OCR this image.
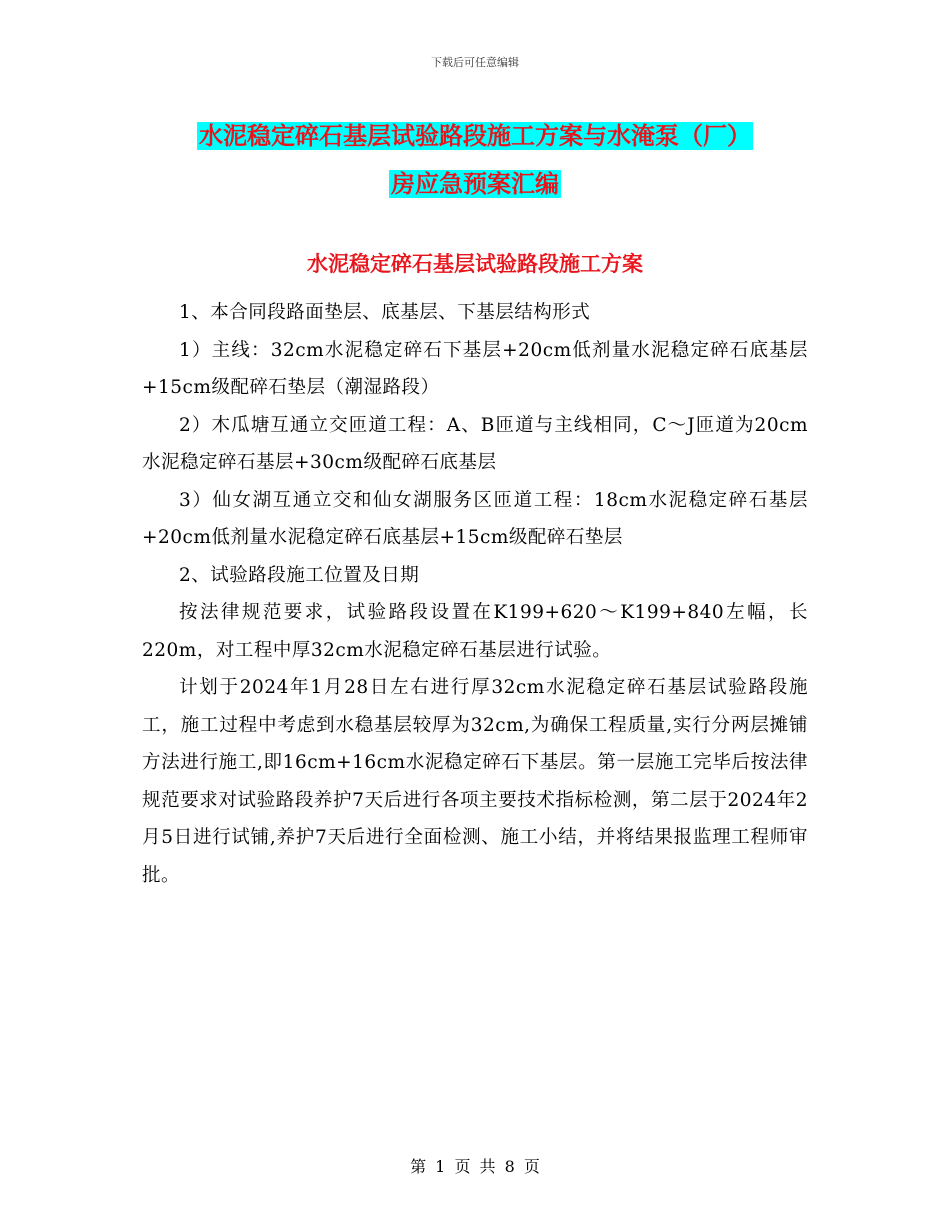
下载后可任意编辑
水泥稳定碎石基层试验路段施工方案与水淹泵（厂）
房应急预案汇编
水泥稳定碎石基层试验路段施工方案

1、本合同段路面垫层、底基层、下基层结构形式

1）主线：32cm水泥稳定碎石下基层+20cm低剂量水泥稳定碎石底基层+15cm级配碎石垫层（潮湿路段）

2）木瓜塘互通立交匝道工程：A、B匝道与主线相同，C～J匝道为20cm水泥稳定碎石基层+30cm级配碎石底基层

3）仙女湖互通立交和仙女湖服务区匝道工程：18cm水泥稳定碎石基层+20cm低剂量水泥稳定碎石底基层+15cm级配碎石垫层

2、试验路段施工位置及日期

按法律规范要求，试验路段设置在K199+620～K199+840左幅，长220m，对工程中厚32cm水泥稳定碎石基层进行试验。

计划于2024年1月28日左右进行厚32cm水泥稳定碎石基层试验路段施工，施工过程中考虑到水稳基层较厚为32cm,为确保工程质量,实行分两层摊铺方法进行施工,即16cm+16cm水泥稳定碎石下基层。第一层施工完毕后按法律规范要求对试验路段养护7天后进行各项主要技术指标检测，第二层于2024年2月5日进行试铺,养护7天后进行全面检测、施工小结，并将结果报监理工程师审批。

第 1 页 共 8 页
